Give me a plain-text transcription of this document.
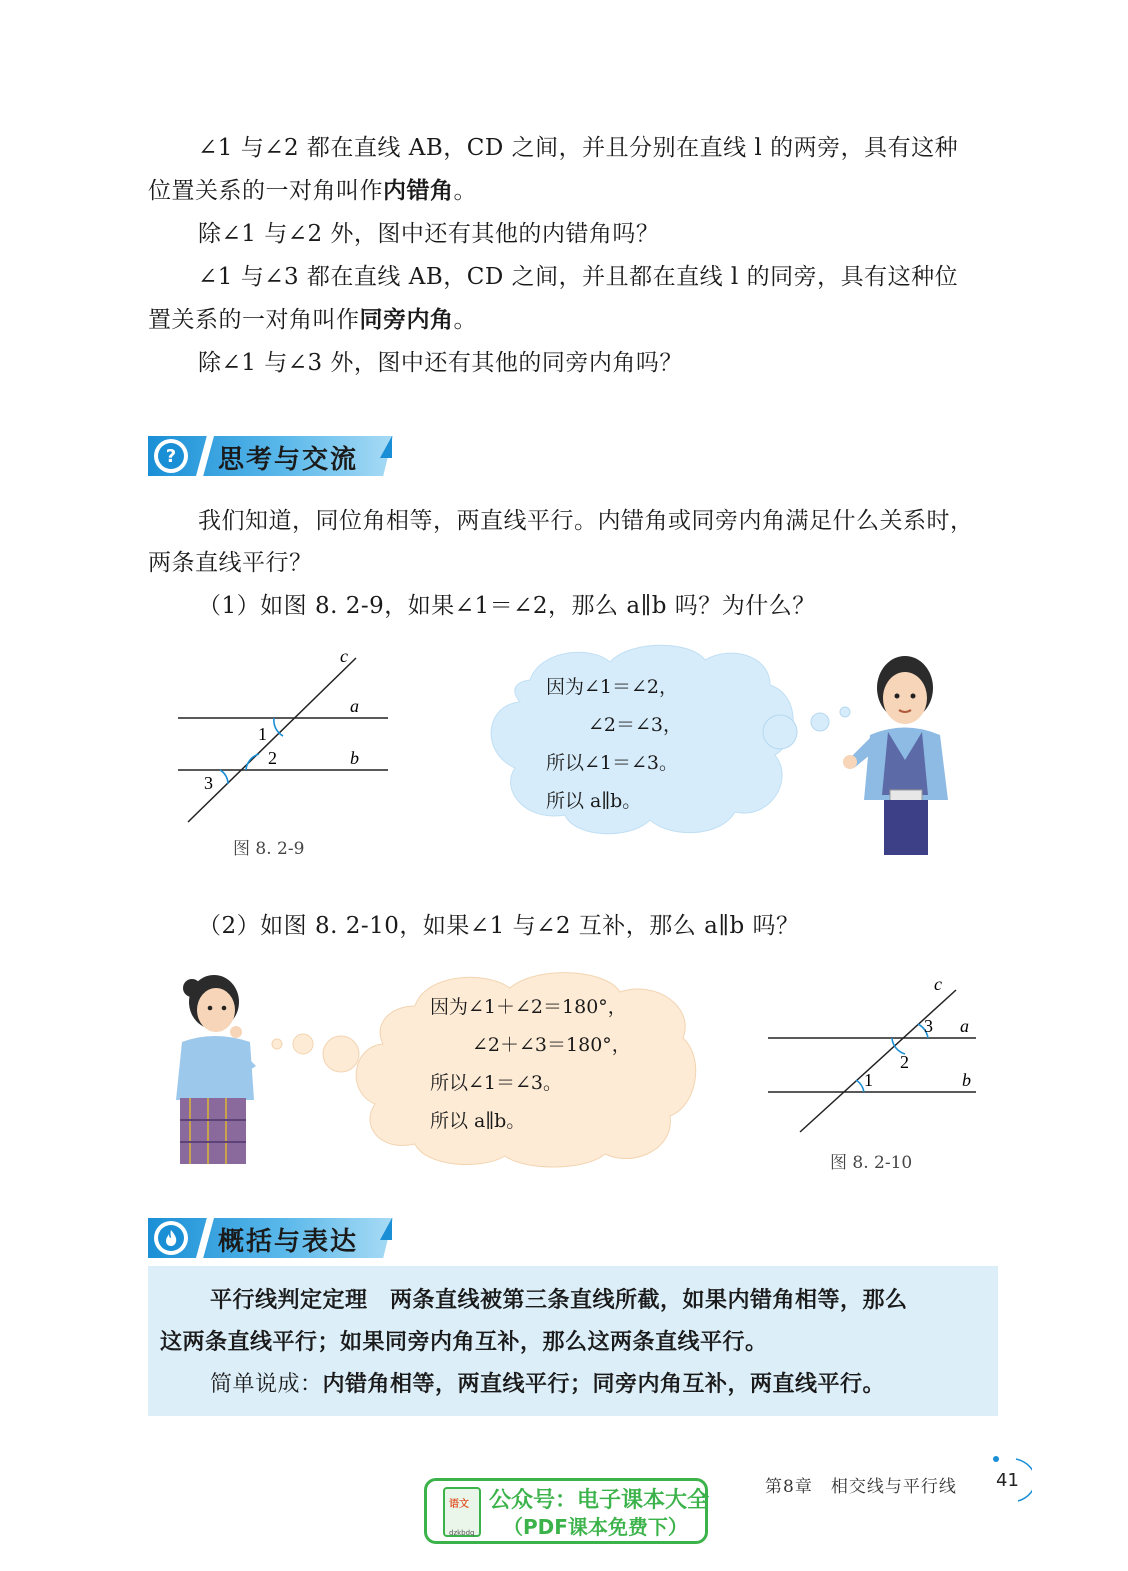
∠1 与∠2 都在直线 AB，CD 之间，并且分别在直线 l 的两旁，具有这种
位置关系的一对角叫作内错角。
除∠1 与∠2 外，图中还有其他的内错角吗？
∠1 与∠3 都在直线 AB，CD 之间，并且都在直线 l 的同旁，具有这种位
置关系的一对角叫作同旁内角。
除∠1 与∠3 外，图中还有其他的同旁内角吗？
? 思考与交流
我们知道，同位角相等，两直线平行。内错角或同旁内角满足什么关系时，
两条直线平行？
（1）如图 8. 2-9，如果∠1＝∠2，那么 a∥b 吗？为什么？
c
a
b
1
2
3
图 8. 2-9
因为∠1＝∠2，
∠2＝∠3，
所以∠1＝∠3。
所以 a∥b。
（2）如图 8. 2-10，如果∠1 与∠2 互补，那么 a∥b 吗？
因为∠1＋∠2＝180°，
∠2＋∠3＝180°，
所以∠1＝∠3。
所以 a∥b。
c
a
b
3
2
1
图 8. 2-10
概括与表达
平行线判定定理　两条直线被第三条直线所截，如果内错角相等，那么
这两条直线平行；如果同旁内角互补，那么这两条直线平行。
简单说成：内错角相等，两直线平行；同旁内角互补，两直线平行。
第8章　相交线与平行线 41
语文
dzkbdq
公众号：电子课本大全
（PDF课本免费下）
